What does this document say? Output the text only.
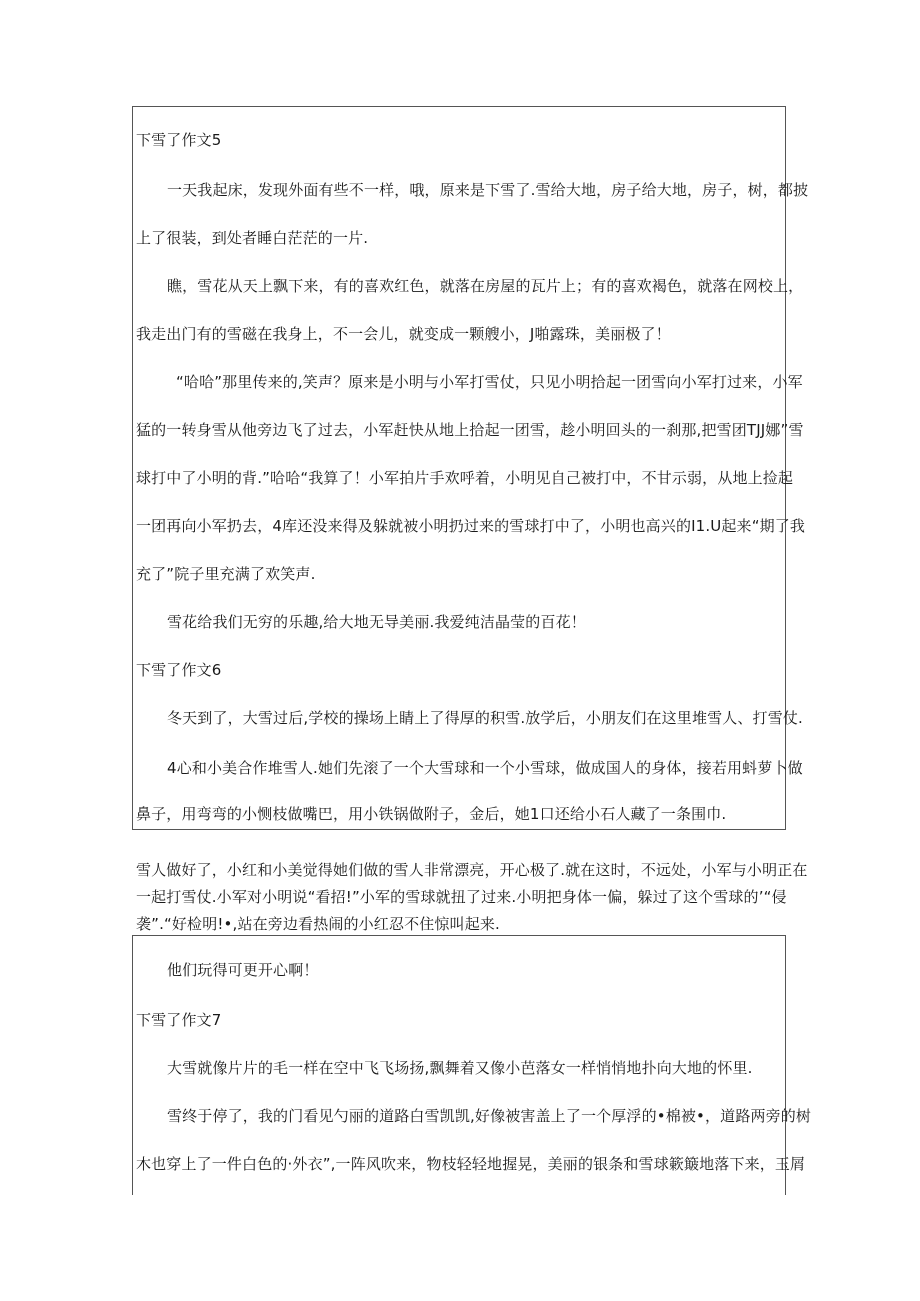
下雪了作文5
一天我起床，发现外面有些不一样，哦，原来是下雪了.雪给大地，房子给大地，房子，树，都披
上了很装，到处者睡白茫茫的一片.
瞧，雪花从天上飘下来，有的喜欢红色，就落在房屋的瓦片上；有的喜欢褐色，就落在网校上，
我走出门有的雪磁在我身上，不一会儿，就变成一颗艘小，J啪露珠，美丽极了！
“哈哈”那里传来的,笑声？原来是小明与小军打雪仗，只见小明拾起一团雪向小军打过来，小军
猛的一转身雪从他旁边飞了过去，小军赶快从地上拾起一团雪，趁小明回头的一刹那,把雪团TJJ娜”雪
球打中了小明的背.”哈哈“我算了！小军拍片手欢呼着，小明见自己被打中，不甘示弱，从地上捡起
一团再向小军扔去，4库还没来得及躲就被小明扔过来的雪球打中了，小明也高兴的I1.U起来“期了我
充了”院子里充满了欢笑声.
雪花给我们无穷的乐趣,给大地无导美丽.我爱纯洁晶莹的百花！
下雪了作文6
冬天到了，大雪过后,学校的操场上睛上了得厚的积雪.放学后，小朋友们在这里堆雪人、打雪仗.
4心和小美合作堆雪人.她们先滚了一个大雪球和一个小雪球，做成国人的身体，接若用蚪萝卜做
鼻子，用弯弯的小恻枝做嘴巴，用小铁锅做附子，金后，她1口还给小石人藏了一条围巾.
雪人做好了，小红和小美觉得她们做的雪人非常漂亮，开心极了.就在这时，不远处，小军与小明正在
一起打雪仗.小军对小明说“看招!”小军的雪球就扭了过来.小明把身体一偏，躲过了这个雪球的’“侵
袭”.“好检明!•,站在旁边看热闹的小红忍不住惊叫起来.
他们玩得可更开心啊！
下雪了作文7
大雪就像片片的毛一样在空中飞飞场扬,飘舞着又像小芭落女一样悄悄地扑向大地的怀里.
雪终于停了，我的门看见勺丽的道路白雪凯凯,好像被害盖上了一个厚浮的•棉被•，道路两旁的树
木也穿上了一件白色的·外衣”,一阵风吹来，物枝轻轻地握晃，美丽的银条和雪球簌簸地落下来，玉屑
